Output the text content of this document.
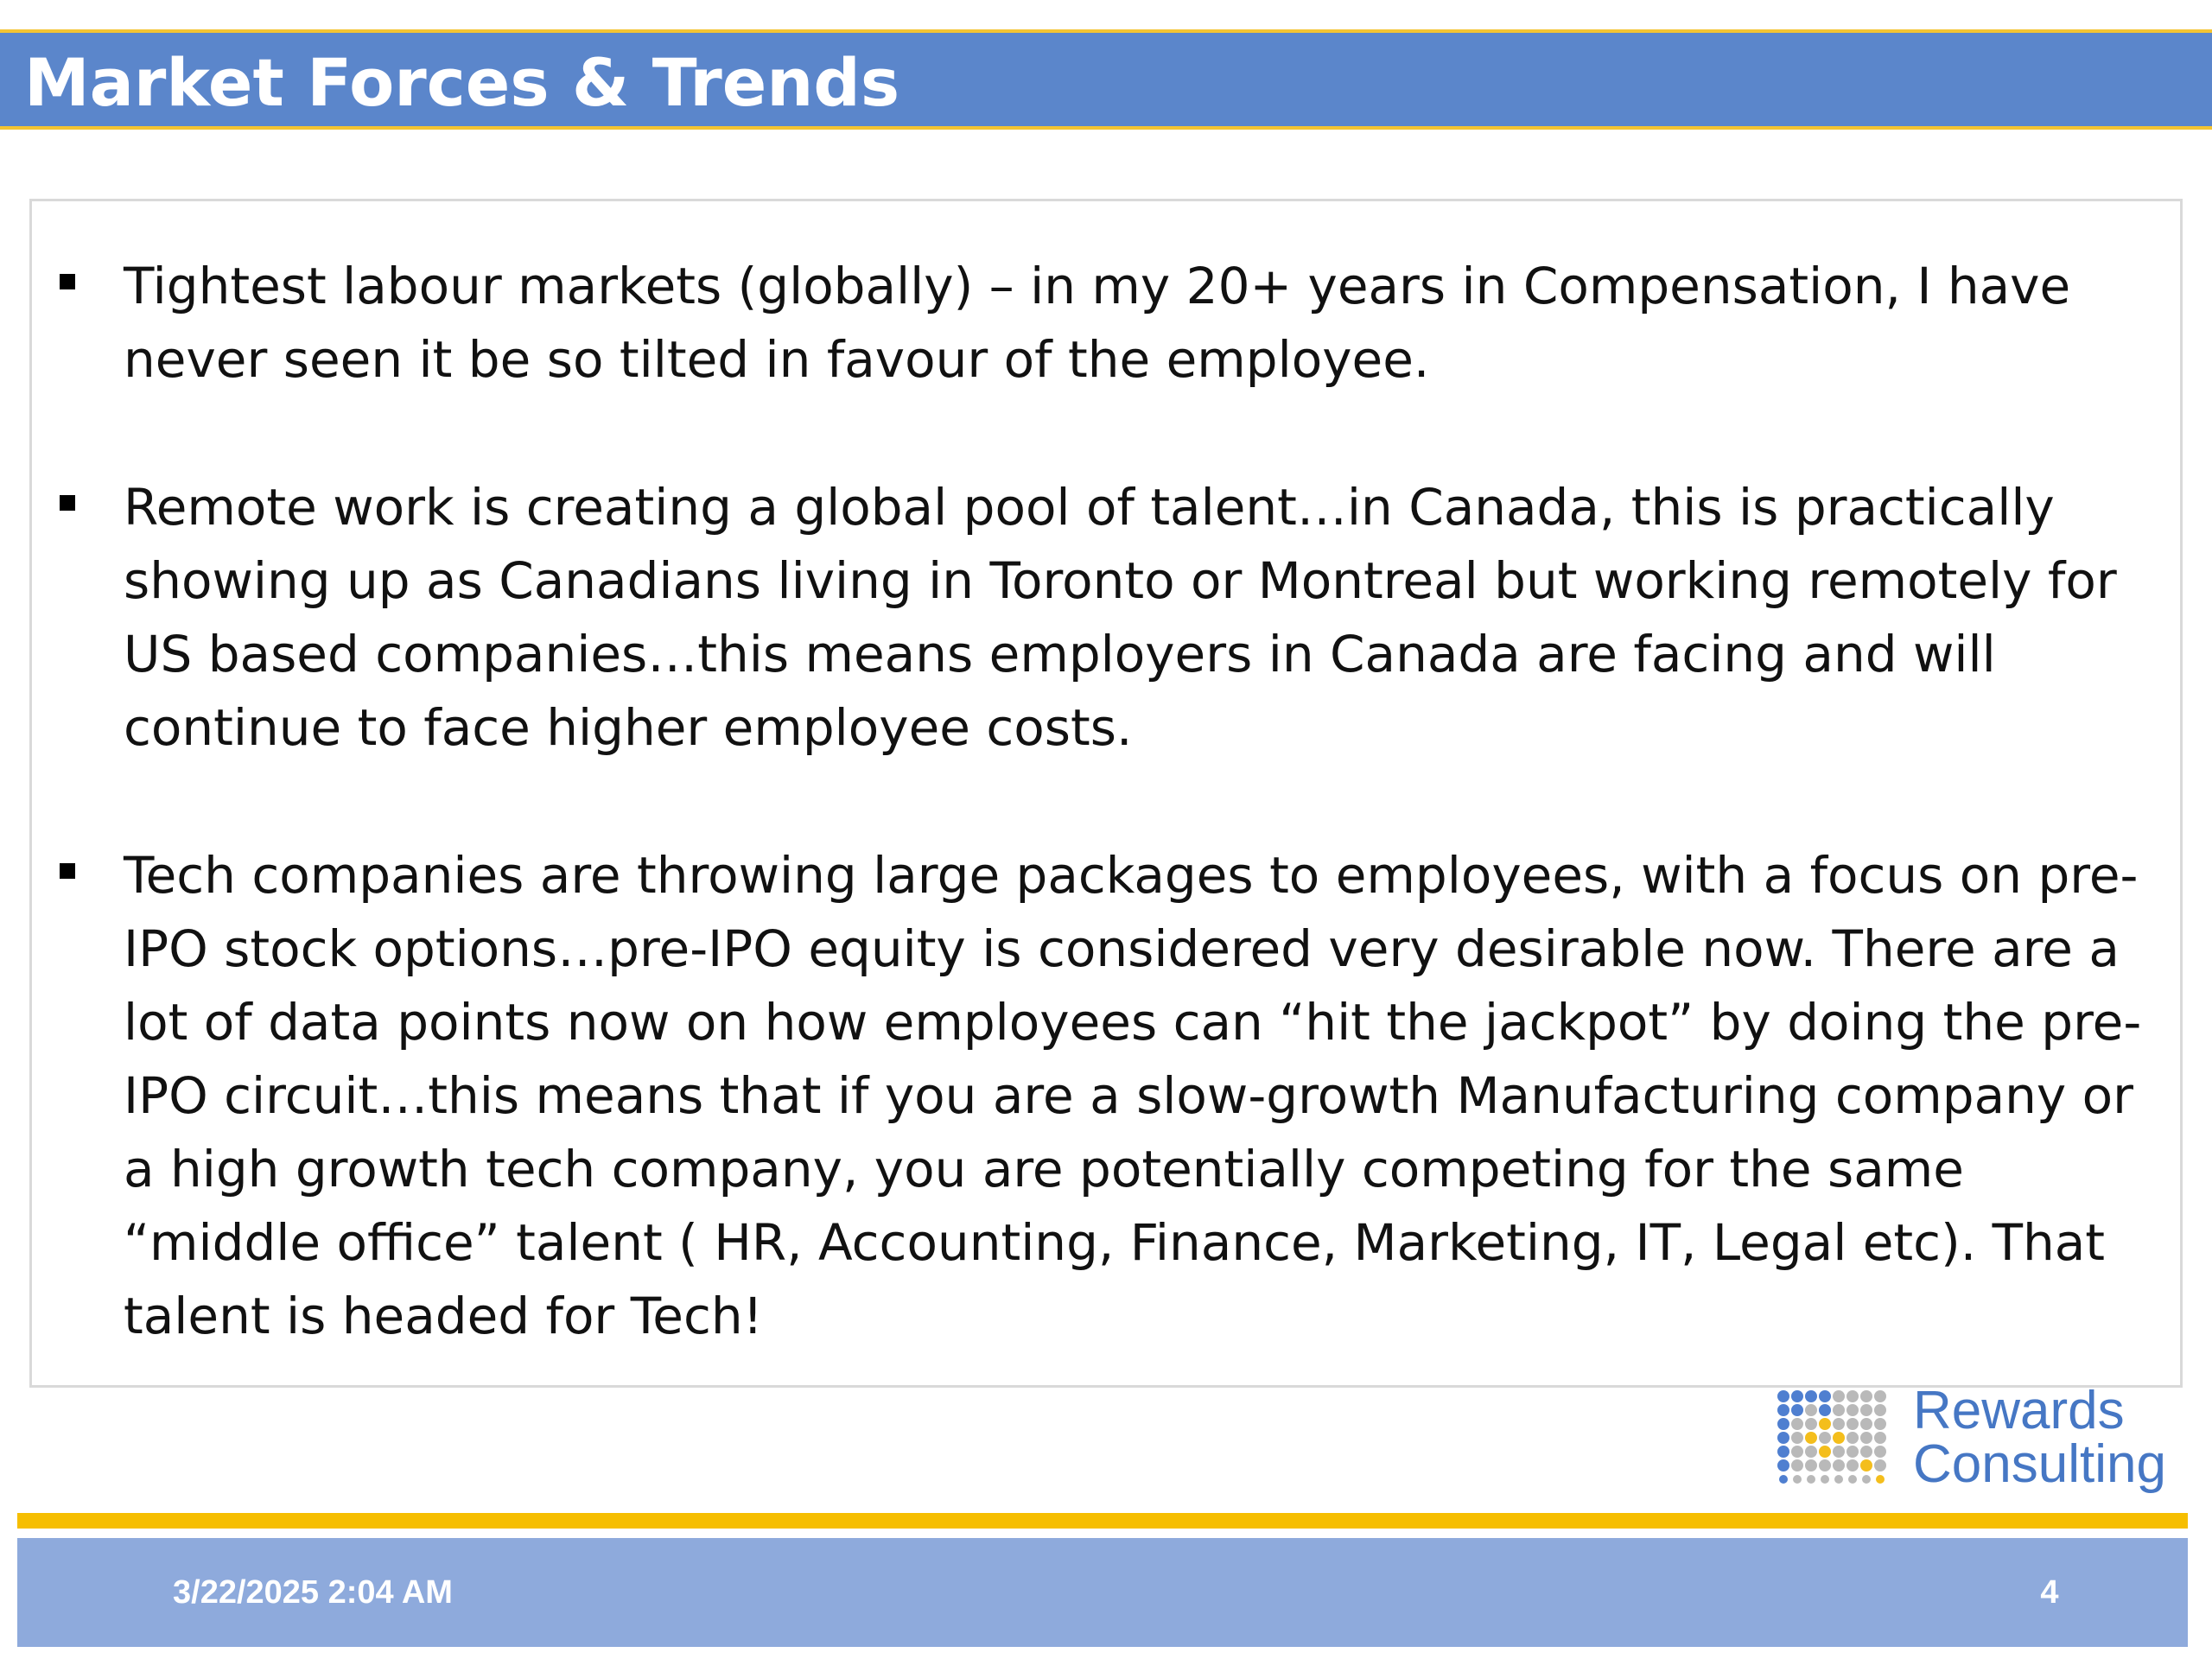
Market Forces & Trends

Tightest labour markets (globally) – in my 20+ years in Compensation, I have never seen it be so tilted in favour of the employee.

Remote work is creating a global pool of talent…in Canada, this is practically showing up as Canadians living in Toronto or Montreal but working remotely for US based companies…this means employers in Canada are facing and will continue to face higher employee costs.

Tech companies are throwing large packages to employees, with a focus on pre-IPO stock options…pre-IPO equity is considered very desirable now. There are a lot of data points now on how employees can “hit the jackpot” by doing the pre-IPO circuit…this means that if you are a slow-growth Manufacturing company or a high growth tech company, you are potentially competing for the same “middle office” talent ( HR, Accounting, Finance, Marketing, IT, Legal etc). That talent is headed for Tech!

Rewards
Consulting
3/22/2025 2:04 AM	4
